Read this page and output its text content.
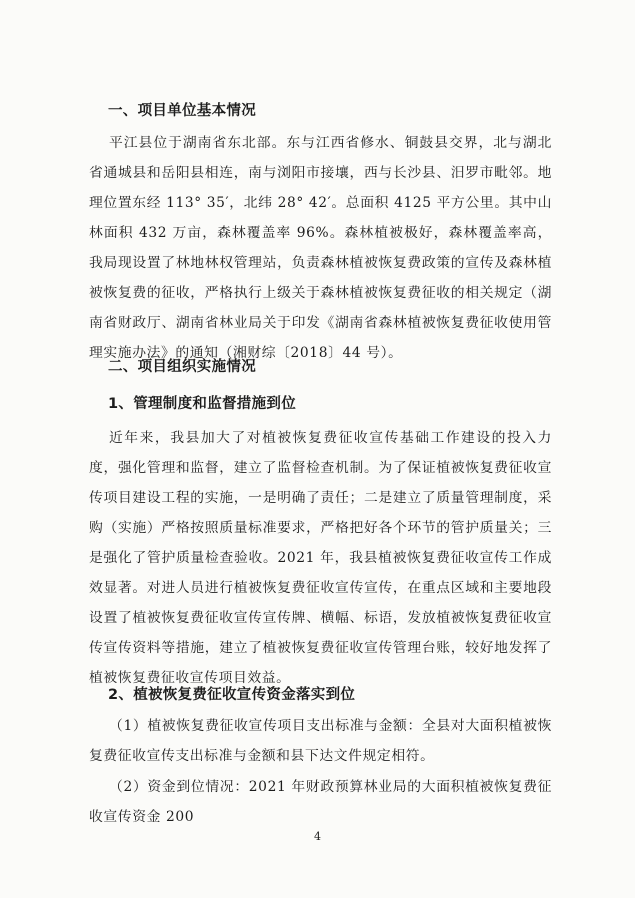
一、项目单位基本情况
平江县位于湖南省东北部。东与江西省修水、铜鼓县交界，北与湖北省通城县和岳阳县相连，南与浏阳市接壤，西与长沙县、汨罗市毗邻。地理位置东经 113° 35′，北纬 28° 42′。总面积 4125 平方公里。其中山林面积 432 万亩，森林覆盖率 96%。森林植被极好，森林覆盖率高，我局现设置了林地林权管理站，负责森林植被恢复费政策的宣传及森林植被恢复费的征收，严格执行上级关于森林植被恢复费征收的相关规定（湖南省财政厅、湖南省林业局关于印发《湖南省森林植被恢复费征收使用管理实施办法》的通知（湘财综〔2018〕44 号）。
二、项目组织实施情况
1、管理制度和监督措施到位
近年来，我县加大了对植被恢复费征收宣传基础工作建设的投入力度，强化管理和监督，建立了监督检查机制。为了保证植被恢复费征收宣传项目建设工程的实施，一是明确了责任；二是建立了质量管理制度，采购（实施）严格按照质量标准要求，严格把好各个环节的管护质量关；三是强化了管护质量检查验收。2021 年，我县植被恢复费征收宣传工作成效显著。对进人员进行植被恢复费征收宣传宣传，在重点区域和主要地段设置了植被恢复费征收宣传宣传牌、横幅、标语，发放植被恢复费征收宣传宣传资料等措施，建立了植被恢复费征收宣传管理台账，较好地发挥了植被恢复费征收宣传项目效益。
2、植被恢复费征收宣传资金落实到位
（1）植被恢复费征收宣传项目支出标准与金额：全县对大面积植被恢复费征收宣传支出标准与金额和县下达文件规定相符。
（2）资金到位情况：2021 年财政预算林业局的大面积植被恢复费征收宣传资金 200
4
